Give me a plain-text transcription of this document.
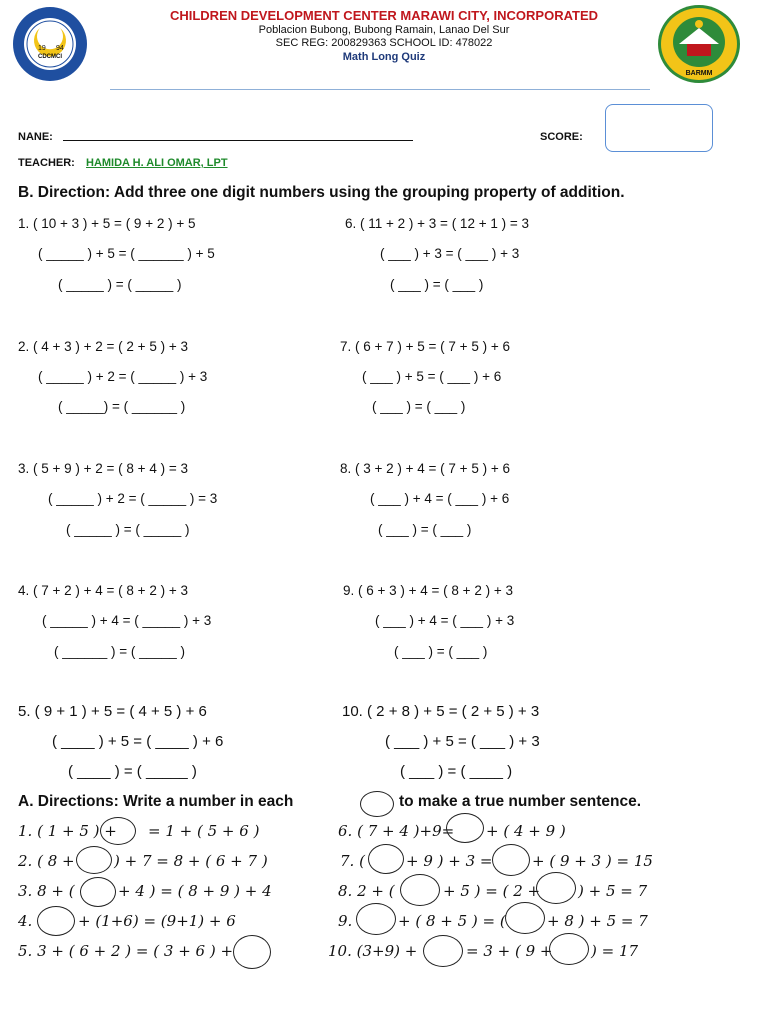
19 94
CDCMCI
CHILDREN DEVELOPMENT CENTER MARAWI CITY, INCORPORATED
Poblacion Bubong, Bubong Ramain, Lanao Del Sur
SEC REG: 200829363 SCHOOL ID: 478022
Math Long Quiz
BARMM
NANE:	SCORE:
TEACHER: HAMIDA H. ALI OMAR, LPT
B. Direction: Add three one digit numbers using the grouping property of addition.
1. ( 10 + 3 ) + 5 = ( 9 + 2 ) + 5
( _____ ) + 5 = ( ______ ) + 5
( _____ ) = ( _____ )
2. ( 4 + 3 ) + 2 = ( 2 + 5 ) + 3
( _____ ) + 2 = ( _____ ) + 3
( _____) = ( ______ )
3. ( 5 + 9 ) + 2 = ( 8 + 4 ) = 3
( _____ ) + 2 = ( _____ ) = 3
( _____ ) = ( _____ )
4. ( 7 + 2 ) + 4 = ( 8 + 2 ) + 3
( _____ ) + 4 = ( _____ ) + 3
( ______ ) = ( _____ )
5. ( 9 + 1 ) + 5 = ( 4 + 5 ) + 6
( ____ ) + 5 = ( ____ ) + 6
( ____ ) = ( _____ )
6. ( 11 + 2 ) + 3 = ( 12 + 1 ) = 3
( ___ ) + 3 = ( ___ ) + 3
( ___ ) = ( ___ )
7. ( 6 + 7 ) + 5 = ( 7 + 5 ) + 6
( ___ ) + 5 = ( ___ ) + 6
( ___ ) = ( ___ )
8. ( 3 + 2 ) + 4 = ( 7 + 5 ) + 6
( ___ ) + 4 = ( ___ ) + 6
( ___ ) = ( ___ )
9. ( 6 + 3 ) + 4 = ( 8 + 2 ) + 3
( ___ ) + 4 = ( ___ ) + 3
( ___ ) = ( ___ )
10. ( 2 + 8 ) + 5 = ( 2 + 5 ) + 3
( ___ ) + 5 = ( ___ ) + 3
( ___ ) = ( ____ )
A. Directions: Write a number in each	to make a true number sentence.
1. ( 1 + 5 ) + = 1 + ( 5 + 6 )
2. ( 8 +	) + 7 = 8 + ( 6 + 7 )
3. 8 + (	+ 4 ) = ( 8 + 9 ) + 4
4.	+ (1+6) = (9+1) + 6
5. 3 + ( 6 + 2 ) = ( 3 + 6 ) +
6. ( 7 + 4 )+9= + ( 4 + 9 )
7. (	+ 9 ) + 3 =	+ ( 9 + 3 ) = 15
8. 2 + (	+ 5 ) = ( 2 +	) + 5 = 7
9.	+ ( 8 + 5 ) = (	+ 8 ) + 5 = 7
10. (3+9) +	= 3 + ( 9 +	) = 17
